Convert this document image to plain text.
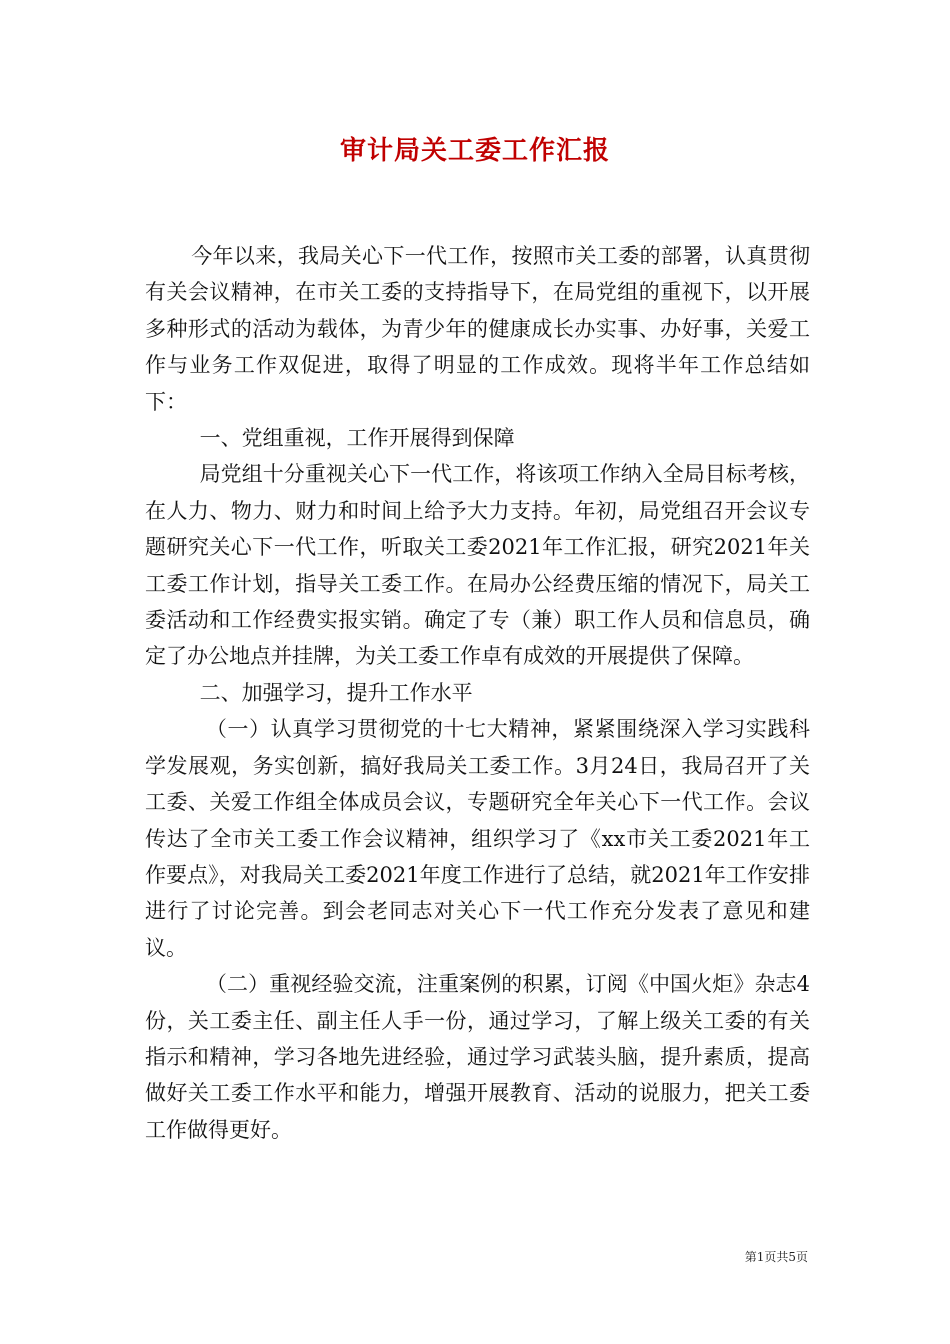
审计局关工委工作汇报

今年以来，我局关心下一代工作，按照市关工委的部署，认真贯彻有关会议精神，在市关工委的支持指导下，在局党组的重视下，以开展多种形式的活动为载体，为青少年的健康成长办实事、办好事，关爱工作与业务工作双促进，取得了明显的工作成效。现将半年工作总结如下：

一、党组重视，工作开展得到保障

局党组十分重视关心下一代工作，将该项工作纳入全局目标考核，在人力、物力、财力和时间上给予大力支持。年初，局党组召开会议专题研究关心下一代工作，听取关工委2021年工作汇报，研究2021年关工委工作计划，指导关工委工作。在局办公经费压缩的情况下，局关工委活动和工作经费实报实销。确定了专（兼）职工作人员和信息员，确定了办公地点并挂牌，为关工委工作卓有成效的开展提供了保障。

二、加强学习，提升工作水平

（一）认真学习贯彻党的十七大精神，紧紧围绕深入学习实践科学发展观，务实创新，搞好我局关工委工作。3月24日，我局召开了关工委、关爱工作组全体成员会议，专题研究全年关心下一代工作。会议传达了全市关工委工作会议精神，组织学习了《xx市关工委2021年工作要点》，对我局关工委2021年度工作进行了总结，就2021年工作安排进行了讨论完善。到会老同志对关心下一代工作充分发表了意见和建议。

（二）重视经验交流，注重案例的积累，订阅《中国火炬》杂志4份，关工委主任、副主任人手一份，通过学习，了解上级关工委的有关指示和精神，学习各地先进经验，通过学习武装头脑，提升素质，提高做好关工委工作水平和能力，增强开展教育、活动的说服力，把关工委工作做得更好。

第1页共5页
